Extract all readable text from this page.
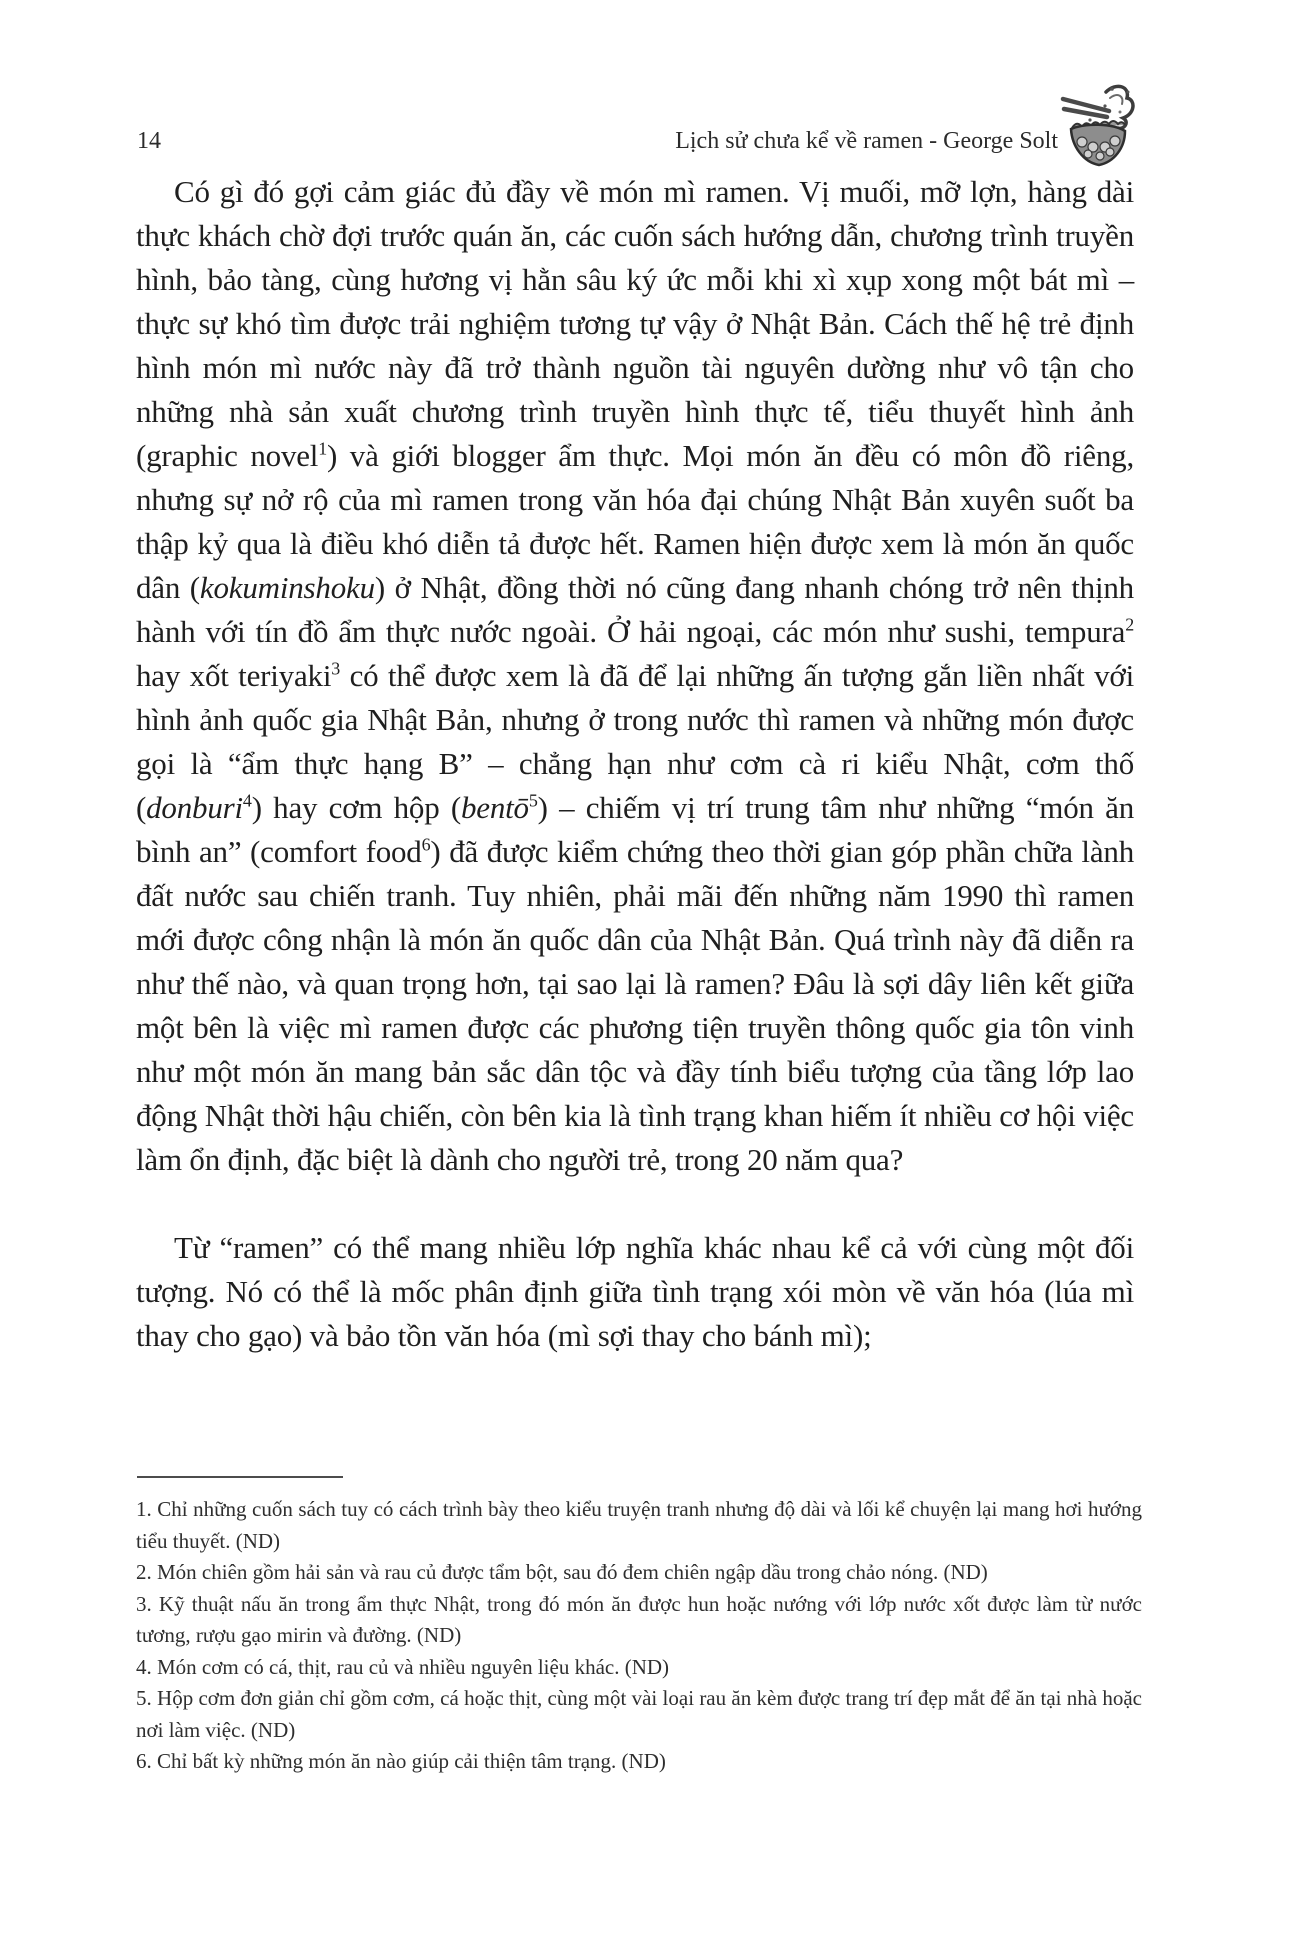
14	Lịch sử chưa kể về ramen - George Solt

Có gì đó gợi cảm giác đủ đầy về món mì ramen. Vị muối, mỡ lợn, hàng dài thực khách chờ đợi trước quán ăn, các cuốn sách hướng dẫn, chương trình truyền hình, bảo tàng, cùng hương vị hằn sâu ký ức mỗi khi xì xụp xong một bát mì – thực sự khó tìm được trải nghiệm tương tự vậy ở Nhật Bản. Cách thế hệ trẻ định hình món mì nước này đã trở thành nguồn tài nguyên dường như vô tận cho những nhà sản xuất chương trình truyền hình thực tế, tiểu thuyết hình ảnh (graphic novel$^1$) và giới blogger ẩm thực. Mọi món ăn đều có môn đồ riêng, nhưng sự nở rộ của mì ramen trong văn hóa đại chúng Nhật Bản xuyên suốt ba thập kỷ qua là điều khó diễn tả được hết. Ramen hiện được xem là món ăn quốc dân (kokuminshoku) ở Nhật, đồng thời nó cũng đang nhanh chóng trở nên thịnh hành với tín đồ ẩm thực nước ngoài. Ở hải ngoại, các món như sushi, tempura$^2$ hay xốt teriyaki$^3$ có thể được xem là đã để lại những ấn tượng gắn liền nhất với hình ảnh quốc gia Nhật Bản, nhưng ở trong nước thì ramen và những món được gọi là “ẩm thực hạng B” – chẳng hạn như cơm cà ri kiểu Nhật, cơm thố (donburi$^4$) hay cơm hộp (bentō$^5$) – chiếm vị trí trung tâm như những “món ăn bình an” (comfort food$^6$) đã được kiểm chứng theo thời gian góp phần chữa lành đất nước sau chiến tranh. Tuy nhiên, phải mãi đến những năm 1990 thì ramen mới được công nhận là món ăn quốc dân của Nhật Bản. Quá trình này đã diễn ra như thế nào, và quan trọng hơn, tại sao lại là ramen? Đâu là sợi dây liên kết giữa một bên là việc mì ramen được các phương tiện truyền thông quốc gia tôn vinh như một món ăn mang bản sắc dân tộc và đầy tính biểu tượng của tầng lớp lao động Nhật thời hậu chiến, còn bên kia là tình trạng khan hiếm ít nhiều cơ hội việc làm ổn định, đặc biệt là dành cho người trẻ, trong 20 năm qua?

Từ “ramen” có thể mang nhiều lớp nghĩa khác nhau kể cả với cùng một đối tượng. Nó có thể là mốc phân định giữa tình trạng xói mòn về văn hóa (lúa mì thay cho gạo) và bảo tồn văn hóa (mì sợi thay cho bánh mì);

1. Chỉ những cuốn sách tuy có cách trình bày theo kiểu truyện tranh nhưng độ dài và lối kể chuyện lại mang hơi hướng tiểu thuyết. (ND)

2. Món chiên gồm hải sản và rau củ được tẩm bột, sau đó đem chiên ngập dầu trong chảo nóng. (ND)

3. Kỹ thuật nấu ăn trong ẩm thực Nhật, trong đó món ăn được hun hoặc nướng với lớp nước xốt được làm từ nước tương, rượu gạo mirin và đường. (ND)

4. Món cơm có cá, thịt, rau củ và nhiều nguyên liệu khác. (ND)

5. Hộp cơm đơn giản chỉ gồm cơm, cá hoặc thịt, cùng một vài loại rau ăn kèm được trang trí đẹp mắt để ăn tại nhà hoặc nơi làm việc. (ND)

6. Chỉ bất kỳ những món ăn nào giúp cải thiện tâm trạng. (ND)
